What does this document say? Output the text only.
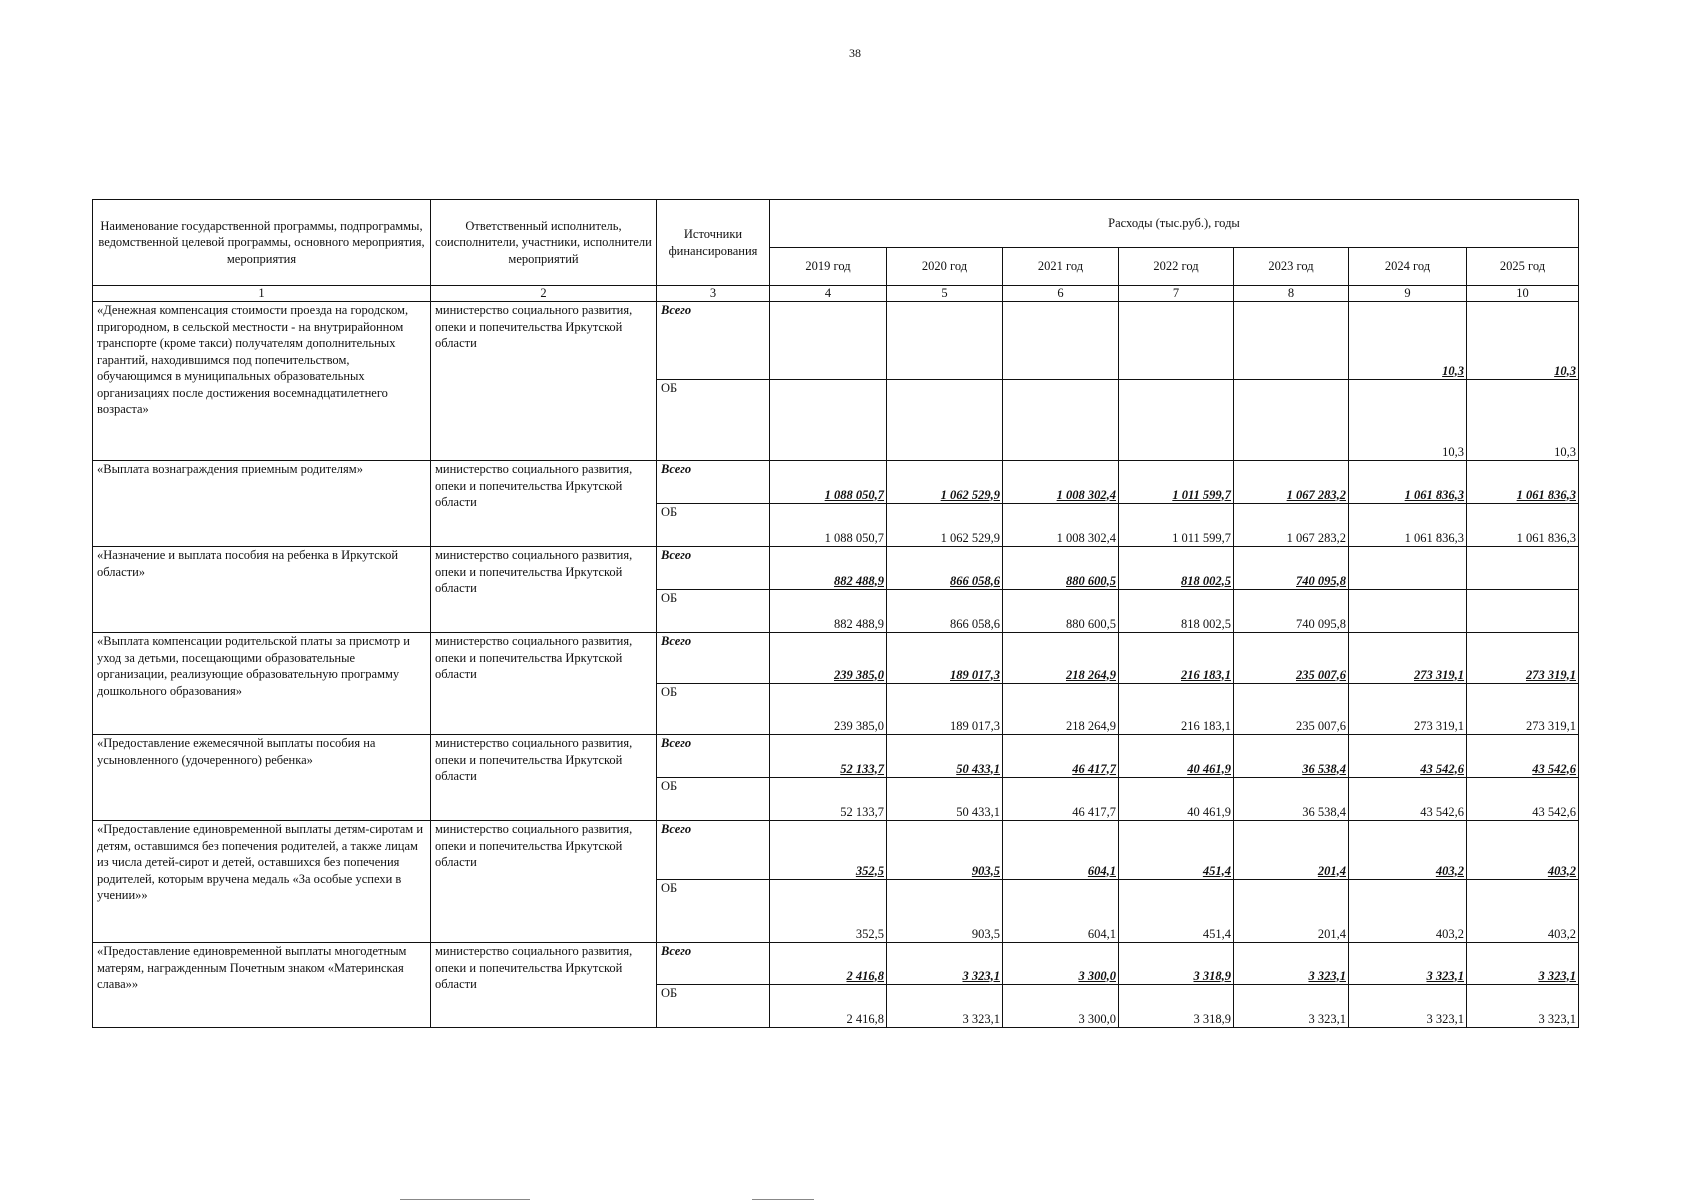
38
Наименование государственной программы, подпрограммы, ведомственной целевой программы, основного мероприятия, мероприятия	Ответственный исполнитель, соисполнители, участники, исполнители мероприятий	Источники финансирования	Расходы (тыс.руб.), годы						
			2019 год	2020 год	2021 год	2022 год	2023 год	2024 год	2025 год
1	2	3	4	5	6	7	8	9	10
«Денежная компенсация стоимости проезда на городском, пригородном, в сельской местности - на внутрирайонном транспорте (кроме такси) получателям дополнительных гарантий, находившимся под попечительством, обучающимся в муниципальных образовательных организациях после достижения восемнадцатилетнего возраста»	министерство социального развития, опеки и попечительства Иркутской области	Всего						10,3	10,3
		ОБ						10,3	10,3
«Выплата вознаграждения приемным родителям»	министерство социального развития, опеки и попечительства Иркутской области	Всего	1 088 050,7	1 062 529,9	1 008 302,4	1 011 599,7	1 067 283,2	1 061 836,3	1 061 836,3
		ОБ	1 088 050,7	1 062 529,9	1 008 302,4	1 011 599,7	1 067 283,2	1 061 836,3	1 061 836,3
«Назначение и выплата пособия на ребенка в Иркутской области»	министерство социального развития, опеки и попечительства Иркутской области	Всего	882 488,9	866 058,6	880 600,5	818 002,5	740 095,8		
		ОБ	882 488,9	866 058,6	880 600,5	818 002,5	740 095,8		
«Выплата компенсации родительской платы за присмотр и уход за детьми, посещающими образовательные организации, реализующие образовательную программу дошкольного образования»	министерство социального развития, опеки и попечительства Иркутской области	Всего	239 385,0	189 017,3	218 264,9	216 183,1	235 007,6	273 319,1	273 319,1
		ОБ	239 385,0	189 017,3	218 264,9	216 183,1	235 007,6	273 319,1	273 319,1
«Предоставление ежемесячной выплаты пособия на усыновленного (удочеренного) ребенка»	министерство социального развития, опеки и попечительства Иркутской области	Всего	52 133,7	50 433,1	46 417,7	40 461,9	36 538,4	43 542,6	43 542,6
		ОБ	52 133,7	50 433,1	46 417,7	40 461,9	36 538,4	43 542,6	43 542,6
«Предоставление единовременной выплаты детям-сиротам и детям, оставшимся без попечения родителей, а также лицам из числа детей-сирот и детей, оставшихся без попечения родителей, которым вручена медаль «За особые успехи в учении»»	министерство социального развития, опеки и попечительства Иркутской области	Всего	352,5	903,5	604,1	451,4	201,4	403,2	403,2
		ОБ	352,5	903,5	604,1	451,4	201,4	403,2	403,2
«Предоставление единовременной выплаты многодетным матерям, награжденным Почетным знаком «Материнская слава»»	министерство социального развития, опеки и попечительства Иркутской области	Всего	2 416,8	3 323,1	3 300,0	3 318,9	3 323,1	3 323,1	3 323,1
		ОБ	2 416,8	3 323,1	3 300,0	3 318,9	3 323,1	3 323,1	3 323,1
